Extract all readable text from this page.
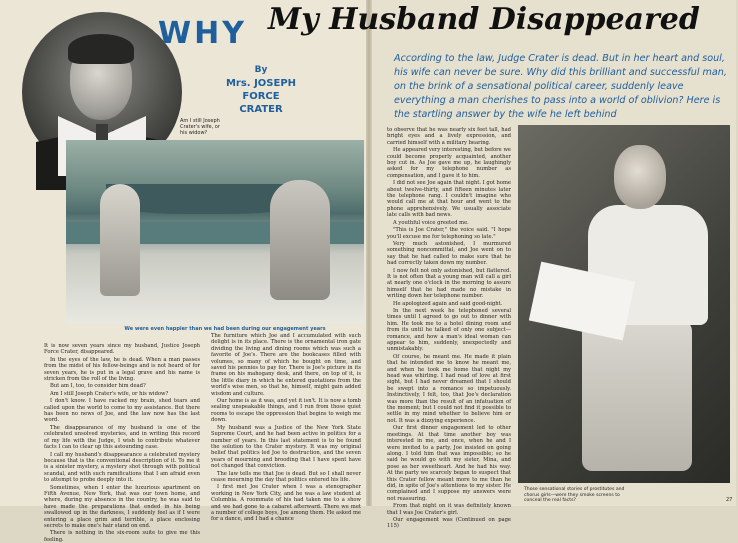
Am I still Joseph Crater's wife, or his widow?
WHY My Husband Disappeared
By
Mrs. JOSEPH
FORCE
CRATER
We were even happier than we had been during our engagement years

It is now seven years since my husband, Justice Joseph Force Crater, disappeared.

In the eyes of the law, he is dead. When a man passes from the midst of his fellow-beings and is not heard of for seven years, he is put in a legal grave and his name is stricken from the roll of the living.

But am I, too, to consider him dead?

Am I still Joseph Crater's wife, or his widow?

I don't know. I have racked my brain, shed tears and called upon the world to come to my assistance. But there has been no news of Joe, and the law now has the last word.

The disappearance of my husband is one of the celebrated unsolved mysteries, and in writing this record of my life with the Judge, I wish to contribute whatever facts I can to clear up this astounding case.

I call my husband's disappearance a celebrated mystery because that is the conventional description of it. To me it is a sinister mystery, a mystery shot through with political scandal, and with such ramifications that I am afraid even to attempt to probe deeply into it.

Sometimes, when I enter the luxurious apartment on Fifth Avenue, New York, that was our town home, and where, during my absence in the country, he was said to have made the preparations that ended in his being swallowed up in the darkness, I suddenly feel as if I were entering a place grim and terrible, a place enclosing secrets to make one's hair stand on end.

There is nothing in the six-room suite to give me this feeling.

The furniture which Joe and I accumulated with such delight is in its place. There is the ornamental iron gate dividing the living and dining rooms which was such a favorite of Joe's. There are the bookcases filled with volumes, so many of which he bought on time, and saved his pennies to pay for. There is Joe's picture in its frame on his mahogany desk, and there, on top of it, is the little diary in which he entered quotations from the world's wise men, so that he, himself, might gain added wisdom and culture.

Our home is as it was, and yet it isn't. It is now a tomb sealing unspeakable things, and I run from those quiet rooms to escape the oppression that begins to weigh me down.

My husband was a Justice of the New York State Supreme Court, and he had been active in politics for a number of years. In this last statement is to be found the solution to the Crater mystery. It was my original belief that politics led Joe to destruction, and the seven years of mourning and brooding that I have spent have not changed that conviction.

The law tells me that Joe is dead. But so I shall never cease mourning the day that politics entered his life.

I first met Joe Crater when I was a stenographer working in New York City, and he was a law student at Columbia. A roommate of his had taken me to a show and we had gone to a cabaret afterward. There we met a number of college boys, Joe among them. He asked me for a dance, and I had a chance

According to the law, Judge Crater is dead. But in her heart and soul, his wife can never be sure. Why did this brilliant and successful man, on the brink of a sensational political career, suddenly leave everything a man cherishes to pass into a world of oblivion? Here is the startling answer by the wife he left behind

to observe that he was nearly six feet tall, had bright eyes and a lively expression, and carried himself with a military bearing.

He appeared very interesting, but before we could become properly acquainted, another boy cut in. As Joe gave me up, he laughingly asked for my telephone number as compensation, and I gave it to him.

I did not see Joe again that night. I got home about twelve-thirty, and fifteen minutes later the telephone rang. I couldn't imagine who would call me at that hour and went to the phone apprehensively. We usually associate late calls with bad news.

A youthful voice greeted me.

"This is Joe Crater," the voice said. "I hope you'll excuse me for telephoning so late."

Very much astonished, I murmured something noncommittal, and Joe went on to say that he had called to make sure that he had correctly taken down my number.

I now felt not only astonished, but flattered. It is not often that a young man will call a girl at nearly one o'clock in the morning to assure himself that he had made no mistake in writing down her telephone number.

He apologized again and said good-night.

In the next week he telephoned several times until I agreed to go out to dinner with him. He took me to a hotel dining room and from its until he talked of only one subject—romance, and how a man's ideal woman can appear to him, suddenly, unexpectedly and unmistakably.

Of course, he meant me. He made it plain that he intended me to know he meant me, and when he took me home that night my head was whirling. I had read of love at first sight, but I had never dreamed that I should be swept into a romance so impetuously. Instinctively, I felt, too, that Joe's declaration was more than the result of an infatuation of the moment; but I could not find it possible to settle in my mind whether to believe him or not. It was a dizzying experience.

Our first dinner engagement led to other meetings. At that time another boy was interested in me, and once, when he and I were invited to a party, Joe insisted on going along. I told him that was impossible; so he said he would go with my sister, Mina, and pose as her sweetheart. And he had his way. At the party we scarcely began to suspect that this Crater fellow meant more to me than he did, in spite of Joe's attentions to my sister. He complained and I suppose my answers were not reassuring.

From that night on it was definitely known that I was Joe Crater's girl.

Our engagement was (Continued on page 115)

Those sensational stories of prostitutes and chorus girls—were they smoke screens to conceal the real facts?	27
